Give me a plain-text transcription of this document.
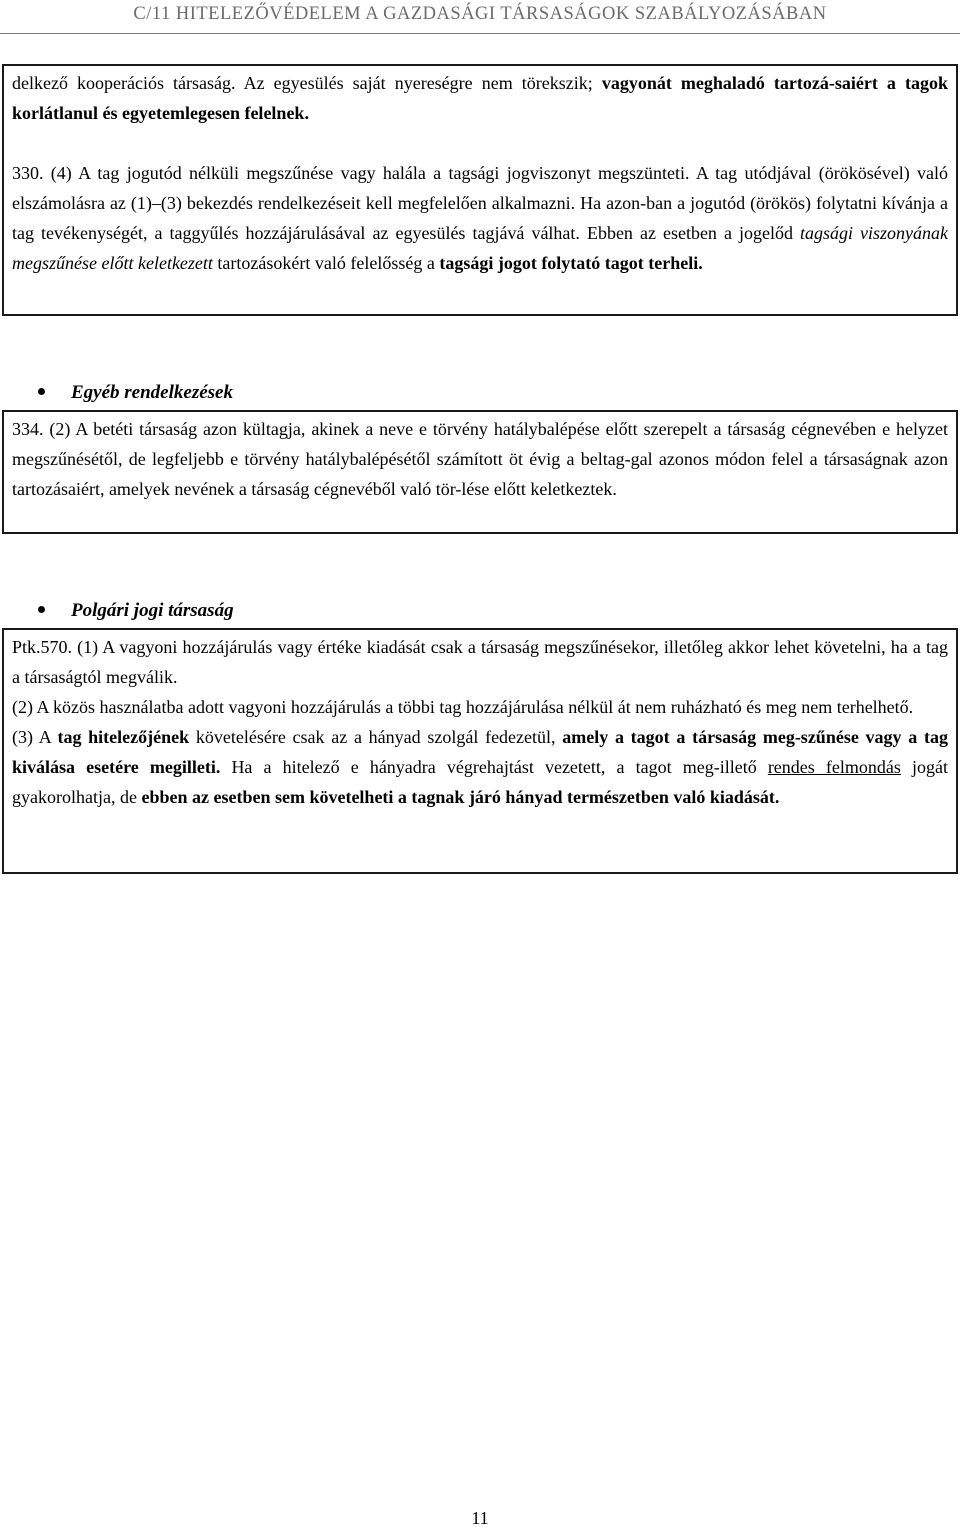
C/11 HITELEZŐVÉDELEM A GAZDASÁGI TÁRSASÁGOK SZABÁLYOZÁSÁBAN

delkező kooperációs társaság. Az egyesülés saját nyereségre nem törekszik; vagyonát meghaladó tartozá-saiért a tagok korlátlanul és egyetemlegesen felelnek.

330. (4) A tag jogutód nélküli megszűnése vagy halála a tagsági jogviszonyt megszünteti. A tag utódjával (örökösével) való elszámolásra az (1)–(3) bekezdés rendelkezéseit kell megfelelően alkalmazni. Ha azon-ban a jogutód (örökös) folytatni kívánja a tag tevékenységét, a taggyűlés hozzájárulásával az egyesülés tagjává válhat. Ebben az esetben a jogelőd tagsági viszonyának megszűnése előtt keletkezett tartozásokért való felelősség a tagsági jogot folytató tagot terheli.

Egyéb rendelkezések

334. (2) A betéti társaság azon kültagja, akinek a neve e törvény hatálybalépése előtt szerepelt a társaság cégnevében e helyzet megszűnésétől, de legfeljebb e törvény hatálybalépésétől számított öt évig a beltag-gal azonos módon felel a társaságnak azon tartozásaiért, amelyek nevének a társaság cégnevéből való tör-lése előtt keletkeztek.

Polgári jogi társaság

Ptk.570. (1) A vagyoni hozzájárulás vagy értéke kiadását csak a társaság megszűnésekor, illetőleg akkor lehet követelni, ha a tag a társaságtól megválik.

(2) A közös használatba adott vagyoni hozzájárulás a többi tag hozzájárulása nélkül át nem ruházható és meg nem terhelhető.

(3) A tag hitelezőjének követelésére csak az a hányad szolgál fedezetül, amely a tagot a társaság meg-szűnése vagy a tag kiválása esetére megilleti. Ha a hitelező e hányadra végrehajtást vezetett, a tagot meg-illető rendes felmondás jogát gyakorolhatja, de ebben az esetben sem követelheti a tagnak járó hányad természetben való kiadását.

11
